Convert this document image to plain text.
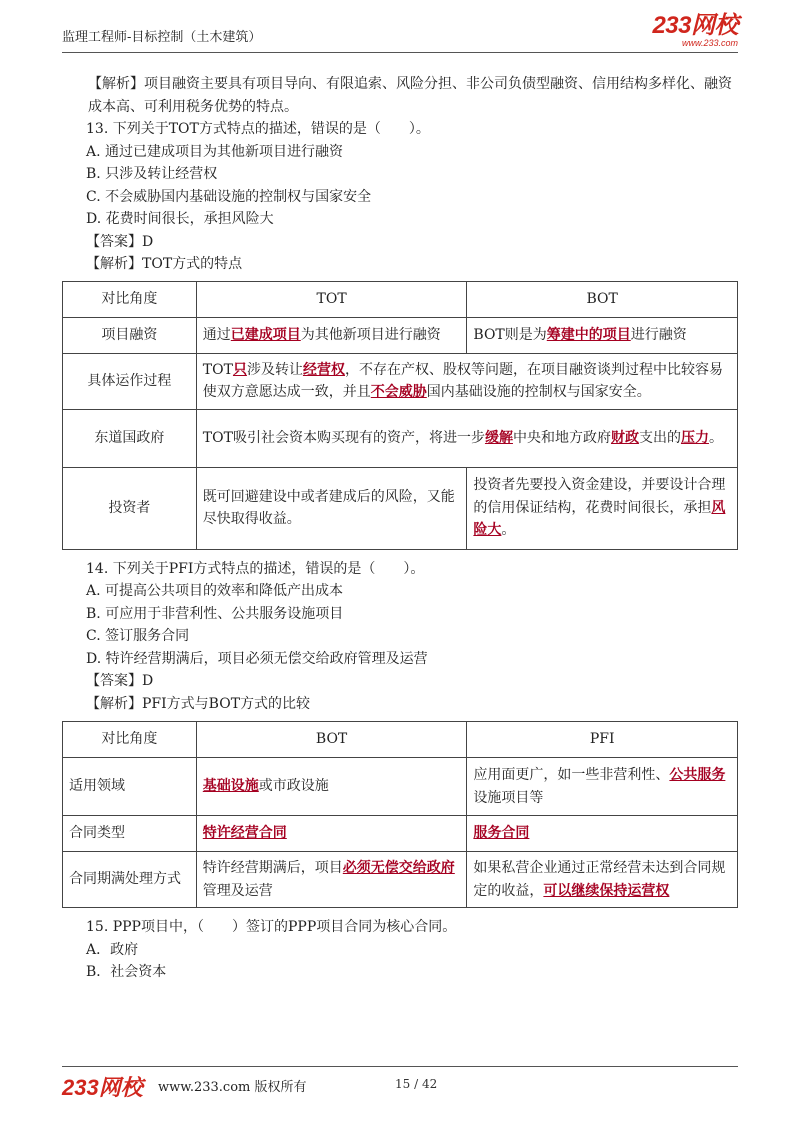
监理工程师-目标控制（土木建筑）	233网校
www.233.com

【解析】项目融资主要具有项目导向、有限追索、风险分担、非公司负债型融资、信用结构多样化、融资成本高、可利用税务优势的特点。

13. 下列关于TOT方式特点的描述，错误的是（　　）。

A. 通过已建成项目为其他新项目进行融资

B. 只涉及转让经营权

C. 不会威胁国内基础设施的控制权与国家安全

D. 花费时间很长，承担风险大

【答案】D

【解析】TOT方式的特点

对比角度	TOT	BOT
项目融资	通过已建成项目为其他新项目进行融资	BOT则是为筹建中的项目进行融资
具体运作过程	TOT只涉及转让经营权，不存在产权、股权等问题，在项目融资谈判过程中比较容易使双方意愿达成一致，并且不会威胁国内基础设施的控制权与国家安全。	
东道国政府	TOT吸引社会资本购买现有的资产，将进一步缓解中央和地方政府财政支出的压力。	
投资者	既可回避建设中或者建成后的风险，又能尽快取得收益。	投资者先要投入资金建设，并要设计合理的信用保证结构，花费时间很长，承担风险大。

14. 下列关于PFI方式特点的描述，错误的是（　　）。

A. 可提高公共项目的效率和降低产出成本

B. 可应用于非营利性、公共服务设施项目

C. 签订服务合同

D. 特许经营期满后，项目必须无偿交给政府管理及运营

【答案】D

【解析】PFI方式与BOT方式的比较

对比角度	BOT	PFI
适用领域	基础设施或市政设施	应用面更广，如一些非营利性、公共服务设施项目等
合同类型	特许经营合同	服务合同
合同期满处理方式	特许经营期满后，项目必须无偿交给政府管理及运营	如果私营企业通过正常经营未达到合同规定的收益，可以继续保持运营权

15. PPP项目中，（　　）签订的PPP项目合同为核心合同。

A．政府

B．社会资本

233网校 www.233.com 版权所有	15 / 42
